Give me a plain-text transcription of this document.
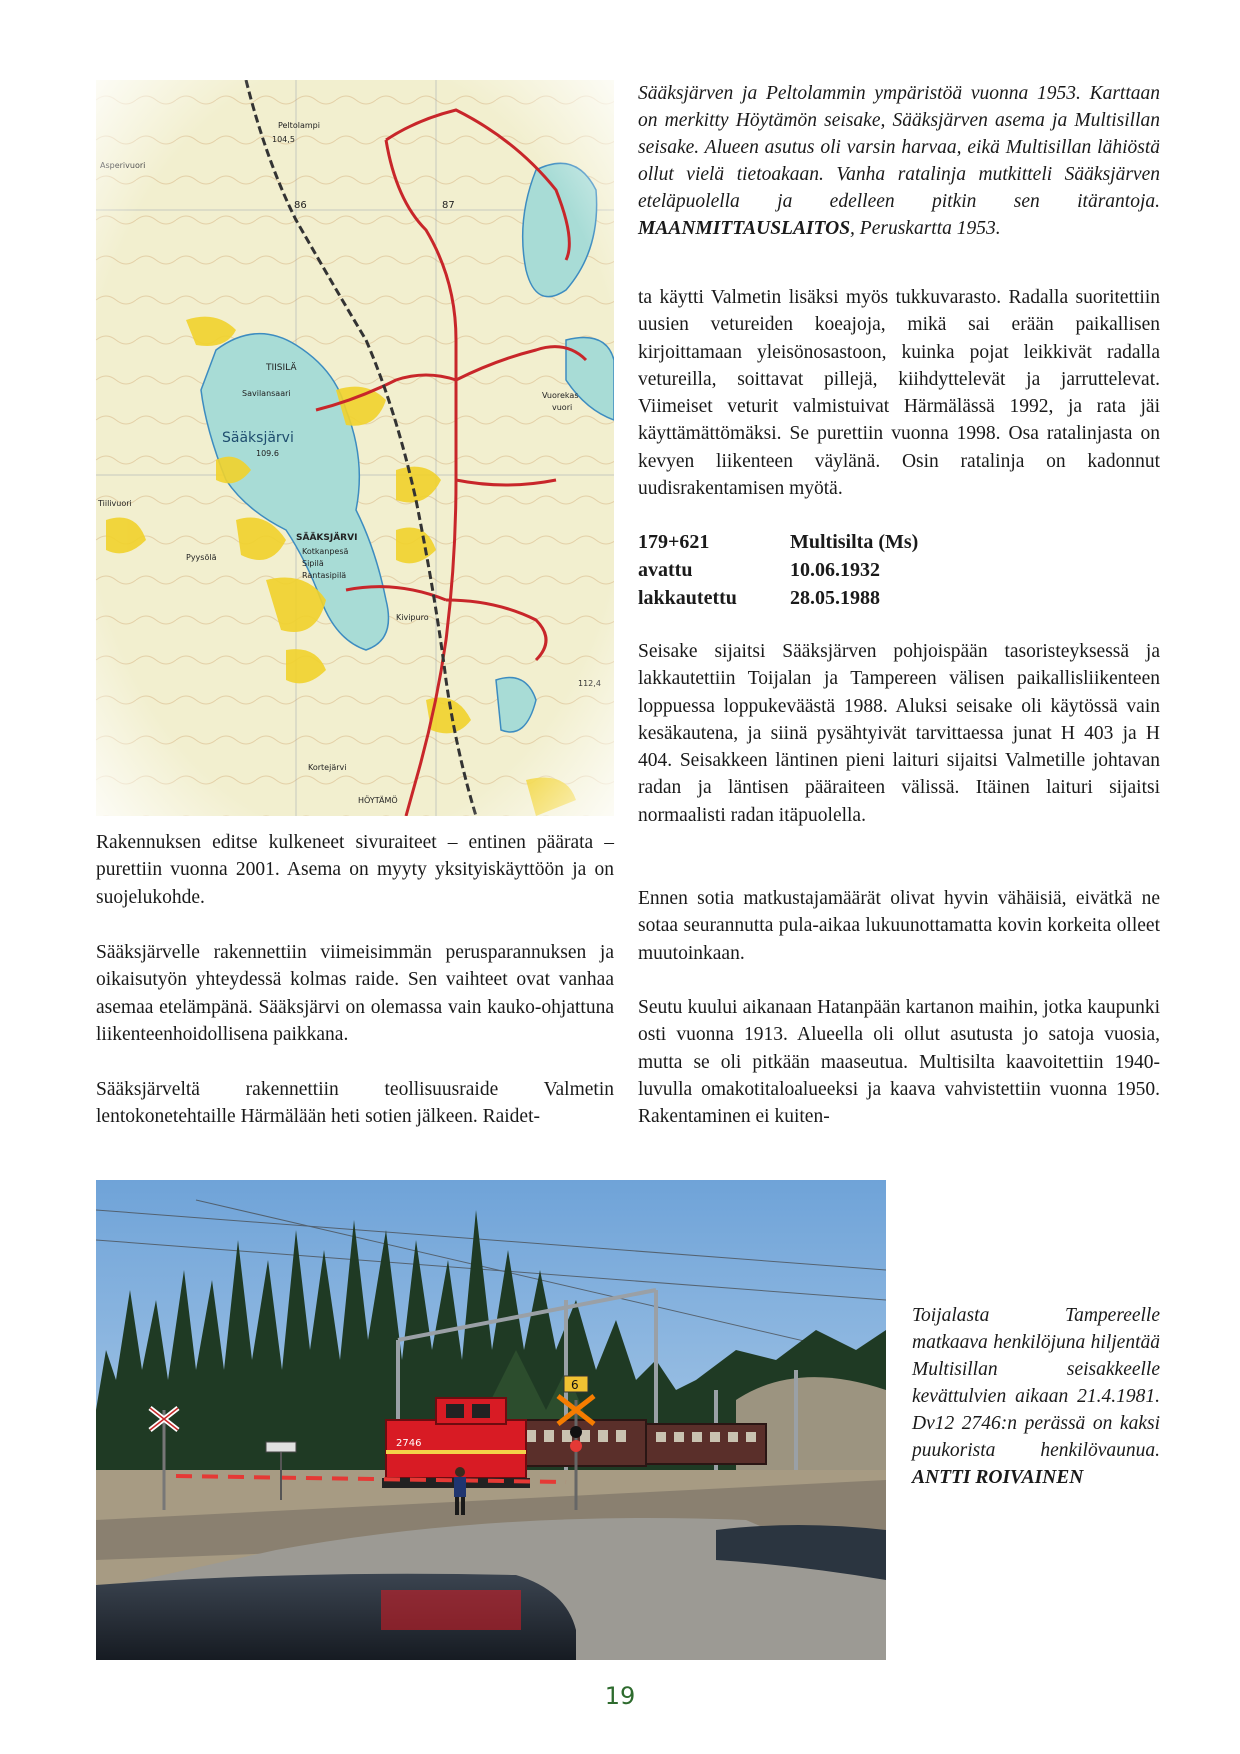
Sääksjärven ja Peltolammin ympäristöä vuonna 1953. Karttaan on merkitty Höytämön seisake, Sääksjärven asema ja Multisillan seisake. Alueen asutus oli varsin harvaa, eikä Multisillan lähiöstä ollut vielä tietoakaan. Vanha ratalinja mutkitteli Sääksjärven eteläpuolella ja edelleen pitkin sen itärantoja. MAANMITTAUSLAITOS, Peruskartta 1953.

ta käytti Valmetin lisäksi myös tukkuvarasto. Radalla suoritettiin uusien vetureiden koeajoja, mikä sai erään paikallisen kirjoittamaan yleisönosastoon, kuinka pojat leikkivät radalla vetureilla, soittavat pillejä, kiihdyttelevät ja jarruttelevat. Viimeiset veturit valmistuivat Härmälässä 1992, ja rata jäi käyttämättömäksi. Se purettiin vuonna 1998. Osa ratalinjasta on kevyen liikenteen väylänä. Osin ratalinja on kadonnut uudisrakentamisen myötä.

179+621	Multisilta (Ms)
avattu	10.06.1932
lakkautettu	28.05.1988

Seisake sijaitsi Sääksjärven pohjoispään tasoristeyksessä ja lakkautettiin Toijalan ja Tampereen välisen paikallisliikenteen loppuessa loppukeväästä 1988. Aluksi seisake oli käytössä vain kesäkautena, ja siinä pysähtyivät tarvittaessa junat H 403 ja H 404. Seisakkeen läntinen pieni laituri sijaitsi Valmetille johtavan radan ja läntisen pääraiteen välissä. Itäinen laituri sijaitsi normaalisti radan itäpuolella.

Ennen sotia matkustajamäärät olivat hyvin vähäisiä, eivätkä ne sotaa seurannutta pula-aikaa lukuunottamatta kovin korkeita olleet muutoinkaan.

Seutu kuului aikanaan Hatanpään kartanon maihin, jotka kaupunki osti vuonna 1913. Alueella oli ollut asutusta jo satoja vuosia, mutta se oli pitkään maaseutua. Multisilta kaavoitettiin 1940-luvulla omakotitaloalueeksi ja kaava vahvistettiin vuonna 1950. Rakentaminen ei kuiten-

Rakennuksen editse kulkeneet sivuraiteet – entinen päärata – purettiin vuonna 2001. Asema on myyty yksityiskäyttöön ja on suojelukohde.

Sääksjärvelle rakennettiin viimeisimmän perusparannuksen ja oikaisutyön yhteydessä kolmas raide. Sen vaihteet ovat vanhaa asemaa etelämpänä. Sääksjärvi on olemassa vain kauko-ohjattuna liikenteenhoidollisena paikkana.

Sääksjärveltä rakennettiin teollisuusraide Valmetin lentokonetehtaille Härmälään heti sotien jälkeen. Raidet-

2746
6
Toijalasta Tampereelle matkaava henkilöjuna hiljentää Multisillan seisakkeelle kevättulvien aikaan 21.4.1981. Dv12 2746:n perässä on kaksi puukorista henkilövaunua. ANTTI ROIVAINEN
19
